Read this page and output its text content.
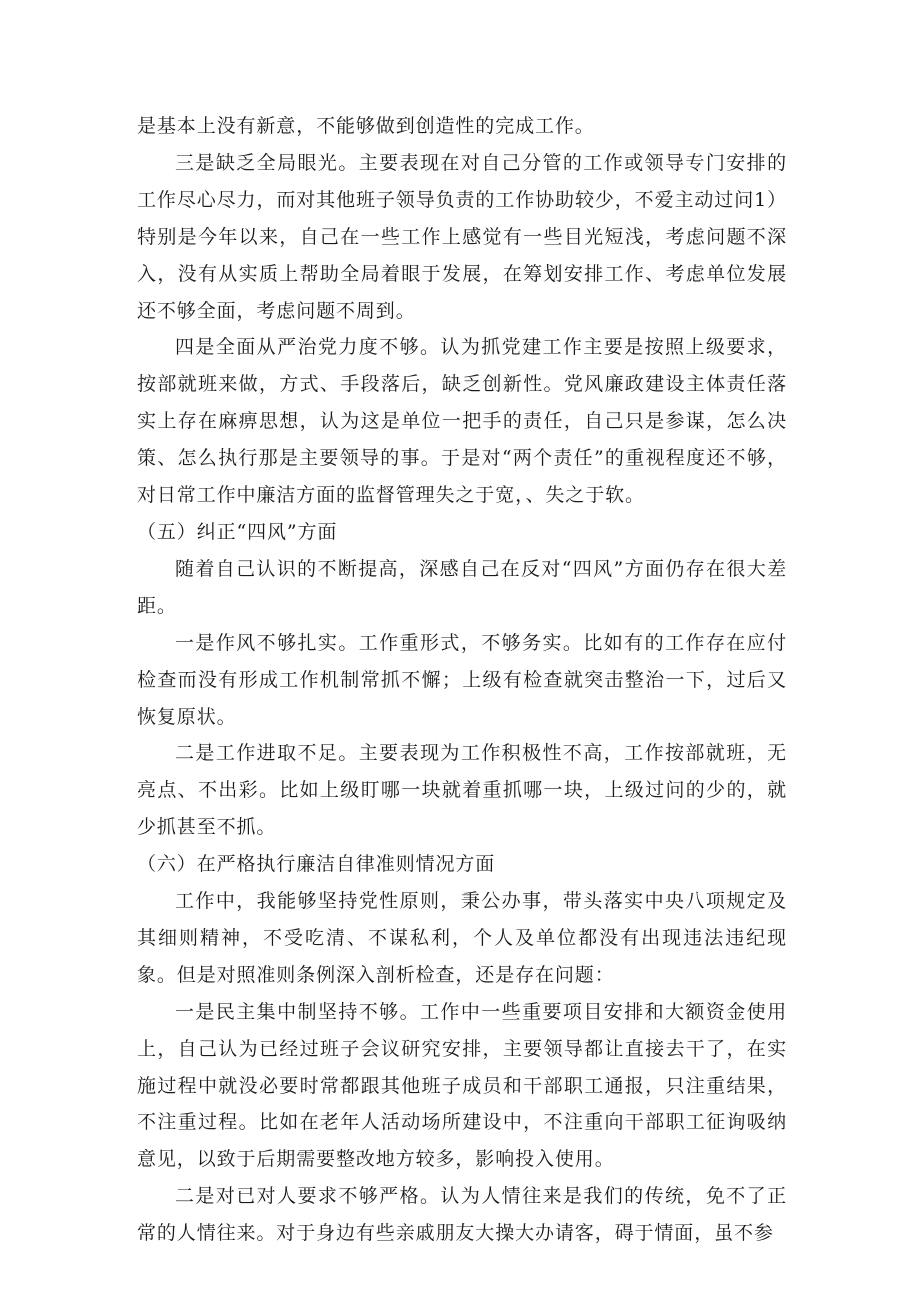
是基本上没有新意，不能够做到创造性的完成工作。

三是缺乏全局眼光。主要表现在对自己分管的工作或领导专门安排的工作尽心尽力，而对其他班子领导负责的工作协助较少，不爱主动过问1）特别是今年以来，自己在一些工作上感觉有一些目光短浅，考虑问题不深入，没有从实质上帮助全局着眼于发展，在筹划安排工作、考虑单位发展还不够全面，考虑问题不周到。

四是全面从严治党力度不够。认为抓党建工作主要是按照上级要求，按部就班来做，方式、手段落后，缺乏创新性。党风廉政建设主体责任落实上存在麻痹思想，认为这是单位一把手的责任，自己只是参谋，怎么决策、怎么执行那是主要领导的事。于是对“两个责任”的重视程度还不够，对日常工作中廉洁方面的监督管理失之于宽，、失之于软。

（五）纠正“四风”方面

随着自己认识的不断提高，深感自己在反对“四风”方面仍存在很大差距。

一是作风不够扎实。工作重形式，不够务实。比如有的工作存在应付检查而没有形成工作机制常抓不懈；上级有检查就突击整治一下，过后又恢复原状。

二是工作进取不足。主要表现为工作积极性不高，工作按部就班，无亮点、不出彩。比如上级盯哪一块就着重抓哪一块，上级过问的少的，就少抓甚至不抓。

（六）在严格执行廉洁自律准则情况方面

工作中，我能够坚持党性原则，秉公办事，带头落实中央八项规定及其细则精神，不受吃清、不谋私利，个人及单位都没有出现违法违纪现象。但是对照准则条例深入剖析检查，还是存在问题：

一是民主集中制坚持不够。工作中一些重要项目安排和大额资金使用上，自己认为已经过班子会议研究安排，主要领导都让直接去干了，在实施过程中就没必要时常都跟其他班子成员和干部职工通报，只注重结果，不注重过程。比如在老年人活动场所建设中，不注重向干部职工征询吸纳意见，以致于后期需要整改地方较多，影响投入使用。

二是对已对人要求不够严格。认为人情往来是我们的传统，免不了正常的人情往来。对于身边有些亲戚朋友大操大办请客，碍于情面，虽不参
